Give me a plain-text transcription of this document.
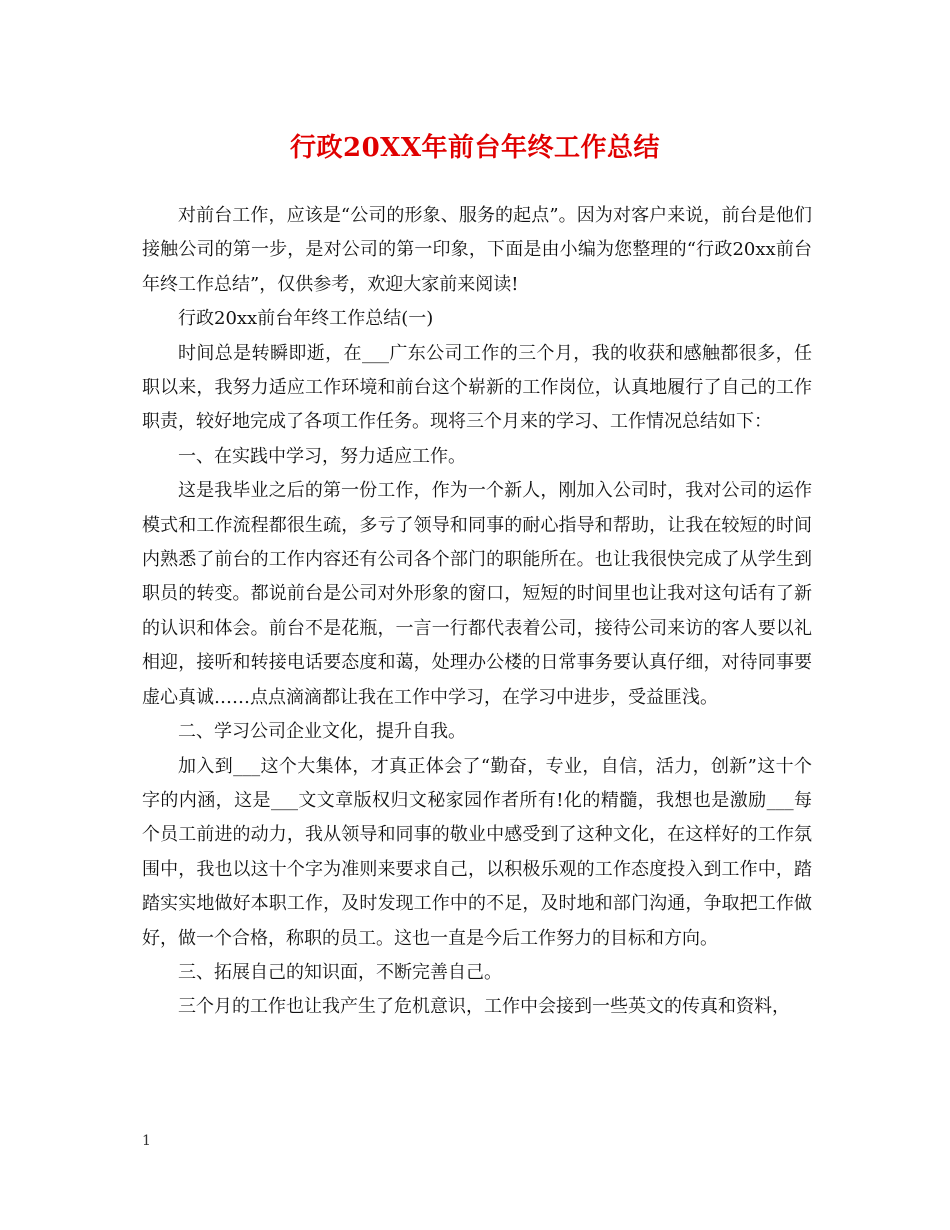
行政20XX年前台年终工作总结

对前台工作，应该是“公司的形象、服务的起点”。因为对客户来说，前台是他们接触公司的第一步，是对公司的第一印象，下面是由小编为您整理的“行政20xx前台年终工作总结”，仅供参考，欢迎大家前来阅读!

行政20xx前台年终工作总结(一)

时间总是转瞬即逝，在___广东公司工作的三个月，我的收获和感触都很多，任职以来，我努力适应工作环境和前台这个崭新的工作岗位，认真地履行了自己的工作职责，较好地完成了各项工作任务。现将三个月来的学习、工作情况总结如下：

一、在实践中学习，努力适应工作。

这是我毕业之后的第一份工作，作为一个新人，刚加入公司时，我对公司的运作模式和工作流程都很生疏，多亏了领导和同事的耐心指导和帮助，让我在较短的时间内熟悉了前台的工作内容还有公司各个部门的职能所在。也让我很快完成了从学生到职员的转变。都说前台是公司对外形象的窗口，短短的时间里也让我对这句话有了新的认识和体会。前台不是花瓶，一言一行都代表着公司，接待公司来访的客人要以礼相迎，接听和转接电话要态度和蔼，处理办公楼的日常事务要认真仔细，对待同事要虚心真诚……点点滴滴都让我在工作中学习，在学习中进步，受益匪浅。

二、学习公司企业文化，提升自我。

加入到___这个大集体，才真正体会了“勤奋，专业，自信，活力，创新”这十个字的内涵，这是___文文章版权归文秘家园作者所有!化的精髓，我想也是激励___每个员工前进的动力，我从领导和同事的敬业中感受到了这种文化，在这样好的工作氛围中，我也以这十个字为准则来要求自己，以积极乐观的工作态度投入到工作中，踏踏实实地做好本职工作，及时发现工作中的不足，及时地和部门沟通，争取把工作做好，做一个合格，称职的员工。这也一直是今后工作努力的目标和方向。

三、拓展自己的知识面，不断完善自己。

三个月的工作也让我产生了危机意识，工作中会接到一些英文的传真和资料，

1
